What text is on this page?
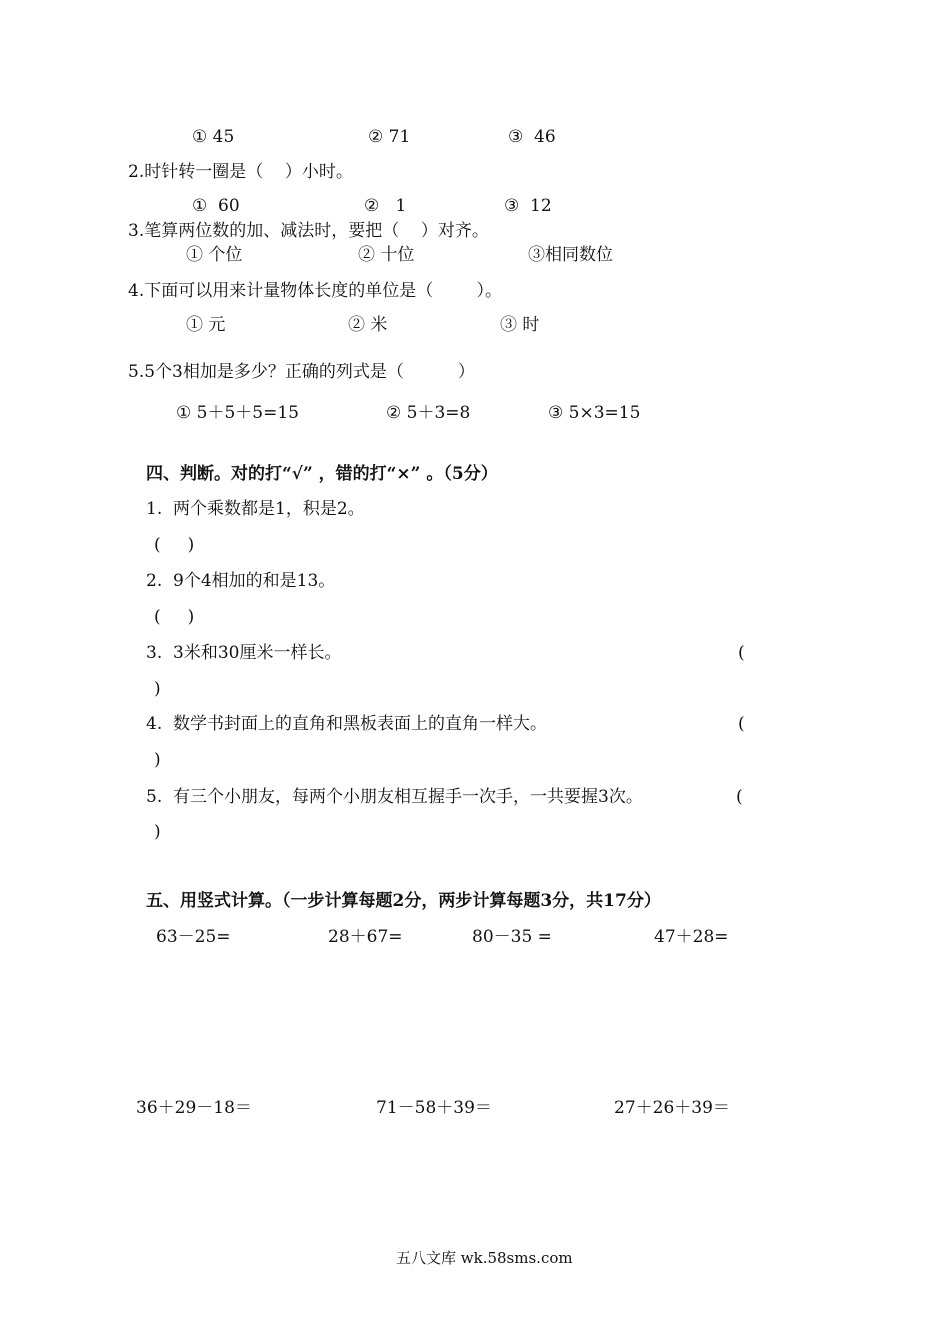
① 45	② 71	③  46
2.时针转一圈是（    ）小时。
①  60	②   1	③  12
3.笔算两位数的加、减法时，要把（    ）对齐。
① 个位	② 十位	③相同数位
4.下面可以用来计量物体长度的单位是（        ）。
① 元	② 米	③ 时
5.5个3相加是多少？正确的列式是（          ）
① 5＋5＋5=15	② 5＋3=8	③ 5×3=15
四、判断。对的打“√” ，错的打“×” 。（5分）
1.  两个乘数都是1，积是2。
(     )
2.  9个4相加的和是13。
(     )
3.  3米和30厘米一样长。	(
)
4.  数学书封面上的直角和黑板表面上的直角一样大。	(
)
5.  有三个小朋友，每两个小朋友相互握手一次手，一共要握3次。	(
)
五、用竖式计算。（一步计算每题2分，两步计算每题3分，共17分）
63－25=	28＋67=	80－35 =	47＋28=
36＋29－18＝	71－58＋39＝	27＋26＋39＝
五八文库 wk.58sms.com
